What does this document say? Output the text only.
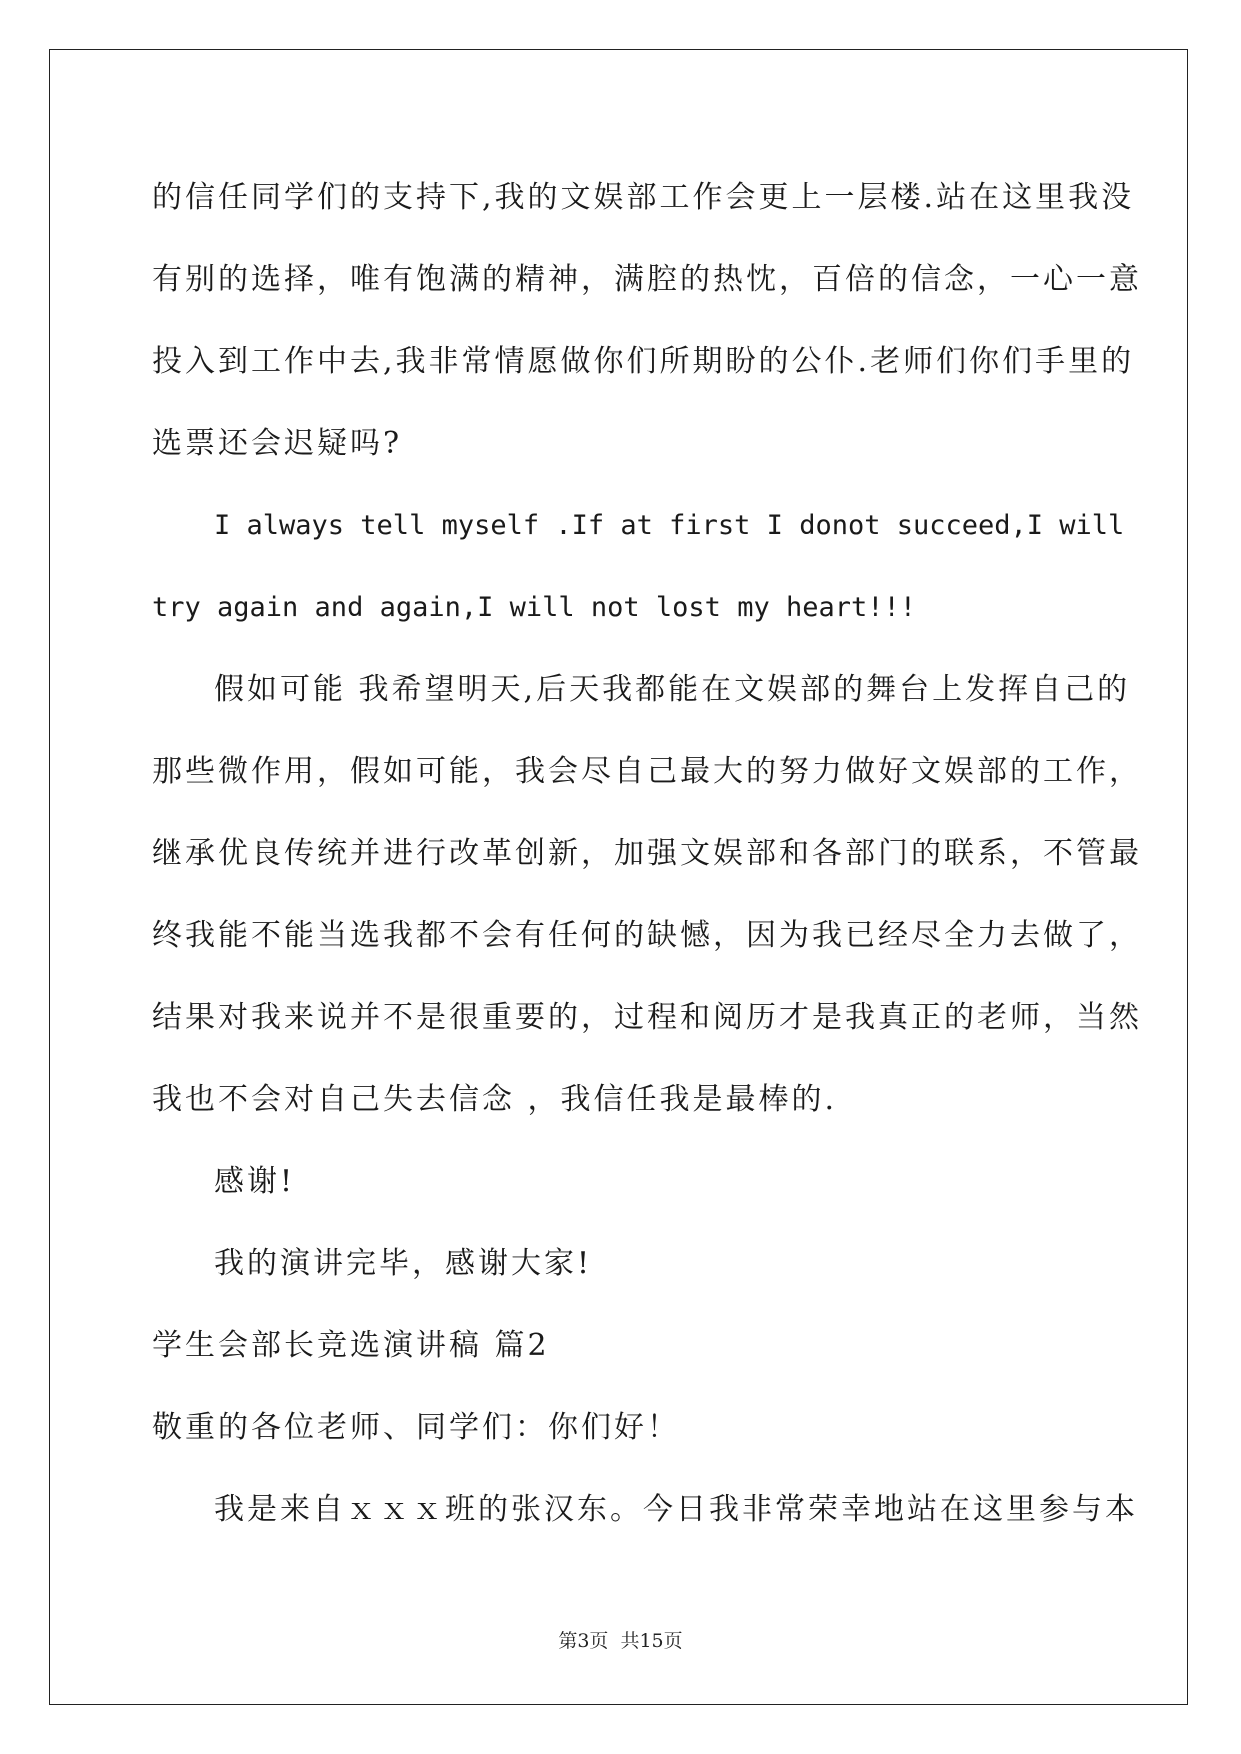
的信任同学们的支持下,我的文娱部工作会更上一层楼.站在这里我没
有别的选择，唯有饱满的精神，满腔的热忱，百倍的信念，一心一意
投入到工作中去,我非常情愿做你们所期盼的公仆.老师们你们手里的
选票还会迟疑吗?
I always tell myself .If at first I donot succeed,I will
try again and again,I will not lost my heart!!!
假如可能 我希望明天,后天我都能在文娱部的舞台上发挥自己的
那些微作用，假如可能，我会尽自己最大的努力做好文娱部的工作，
继承优良传统并进行改革创新，加强文娱部和各部门的联系，不管最
终我能不能当选我都不会有任何的缺憾，因为我已经尽全力去做了，
结果对我来说并不是很重要的，过程和阅历才是我真正的老师，当然
我也不会对自己失去信念 ，我信任我是最棒的.
感谢!
我的演讲完毕，感谢大家!
学生会部长竞选演讲稿 篇2
敬重的各位老师、同学们：你们好！
我是来自ｘｘｘ班的张汉东。今日我非常荣幸地站在这里参与本
第3页 共15页
